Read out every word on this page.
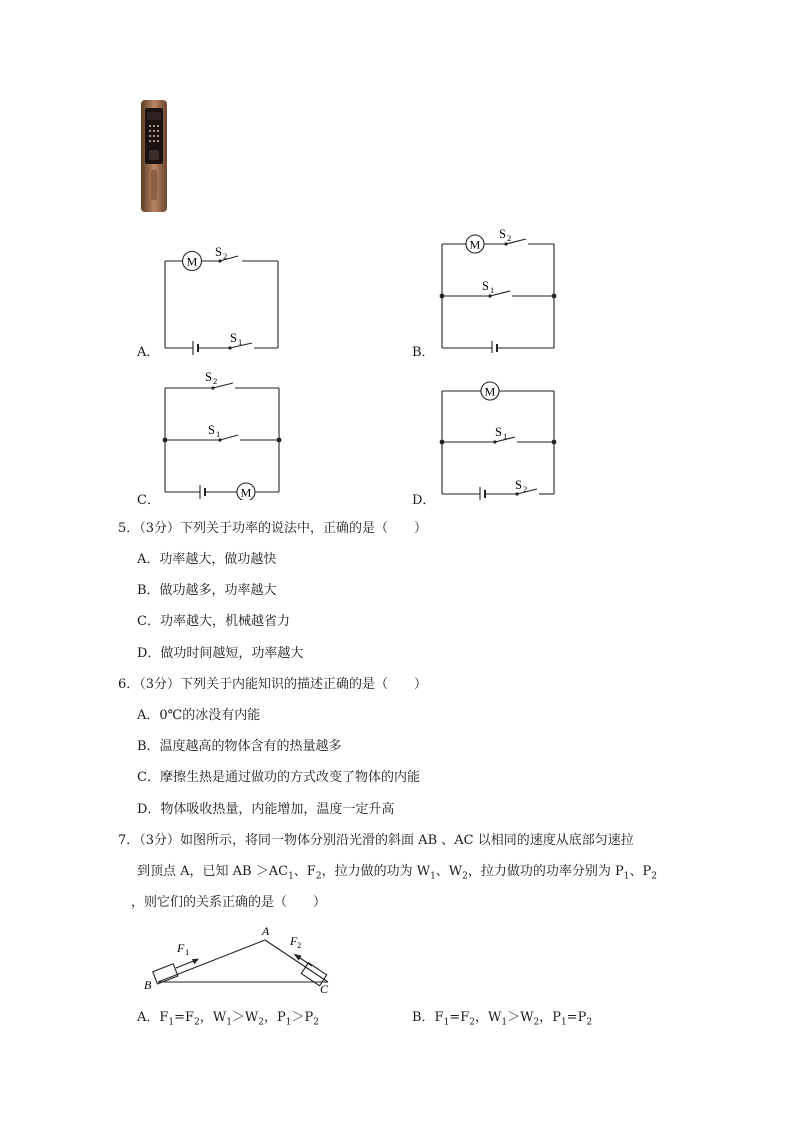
M
S 2
S 1
A．
M
S 2
S 1
B．
M
S 2
S 1
C．
M
S 1
S 2
D．
5．（3分）下列关于功率的说法中，正确的是（　　）
A．功率越大，做功越快
B．做功越多，功率越大
C．功率越大，机械越省力
D．做功时间越短，功率越大
6．（3分）下列关于内能知识的描述正确的是（　　）
A．0℃的冰没有内能
B．温度越高的物体含有的热量越多
C．摩擦生热是通过做功的方式改变了物体的内能
D．物体吸收热量，内能增加，温度一定升高
7．（3分）如图所示，将同一物体分别沿光滑的斜面 AB 、AC 以相同的速度从底部匀速拉
到顶点 A，已知 AB $>AC_1$、$F_2$，拉力做的功为 $W_1$、$W_2$，拉力做功的功率分别为 $P_1$、$P_2$
，则它们的关系正确的是（　　）
B
A
C
F 1
F 2
A．$F_1=F_2$，$W_1>W_2$，$P_1>P_2$	B．$F_1=F_2$，$W_1>W_2$，$P_1=P_2$
